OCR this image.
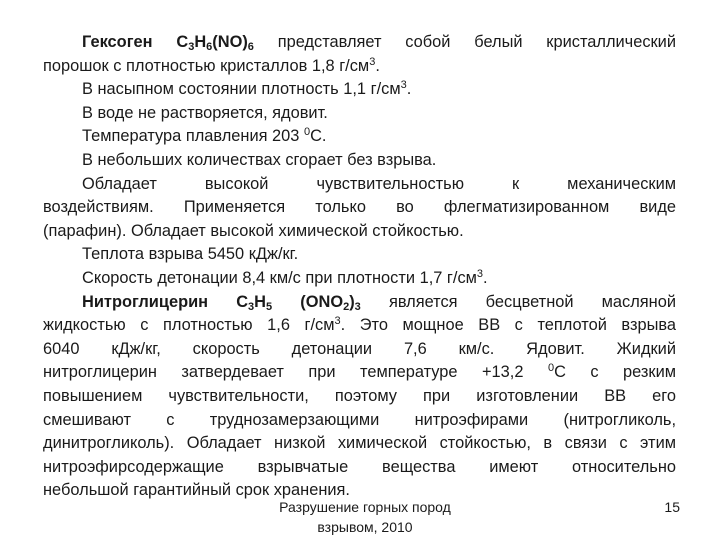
Гексоген $C_3H_6(NO)_6$ представляет собой белый кристаллический
порошок с плотностью кристаллов 1,8 $г/см^3$.
В насыпном состоянии плотность 1,1 $г/см^3$.
В воде не растворяется, ядовит.
Температура плавления 203 $^0$С.
В небольших количествах сгорает без взрыва.
Обладает высокой чувствительностью к механическим
воздействиям. Применяется только во флегматизированном виде
(парафин). Обладает высокой химической стойкостью.
Теплота взрыва 5450 кДж/кг.
Скорость детонации 8,4 км/с при плотности 1,7 $г/см^3$.
Нитроглицерин $C_3H_5$ $(ONO_2)_3$ является бесцветной масляной
жидкостью с плотностью 1,6 $г/см^3$. Это мощное ВВ с теплотой взрыва
6040 кДж/кг, скорость детонации 7,6 км/с. Ядовит. Жидкий
нитроглицерин затвердевает при температуре +13,2 $^0$С с резким
повышением чувствительности, поэтому при изготовлении ВВ его
смешивают с труднозамерзающими нитроэфирами (нитрогликоль,
динитрогликоль). Обладает низкой химической стойкостью, в связи с этим
нитроэфирсодержащие взрывчатые вещества имеют относительно
небольшой гарантийный срок хранения.
Разрушение горных пород
взрывом, 2010
15
